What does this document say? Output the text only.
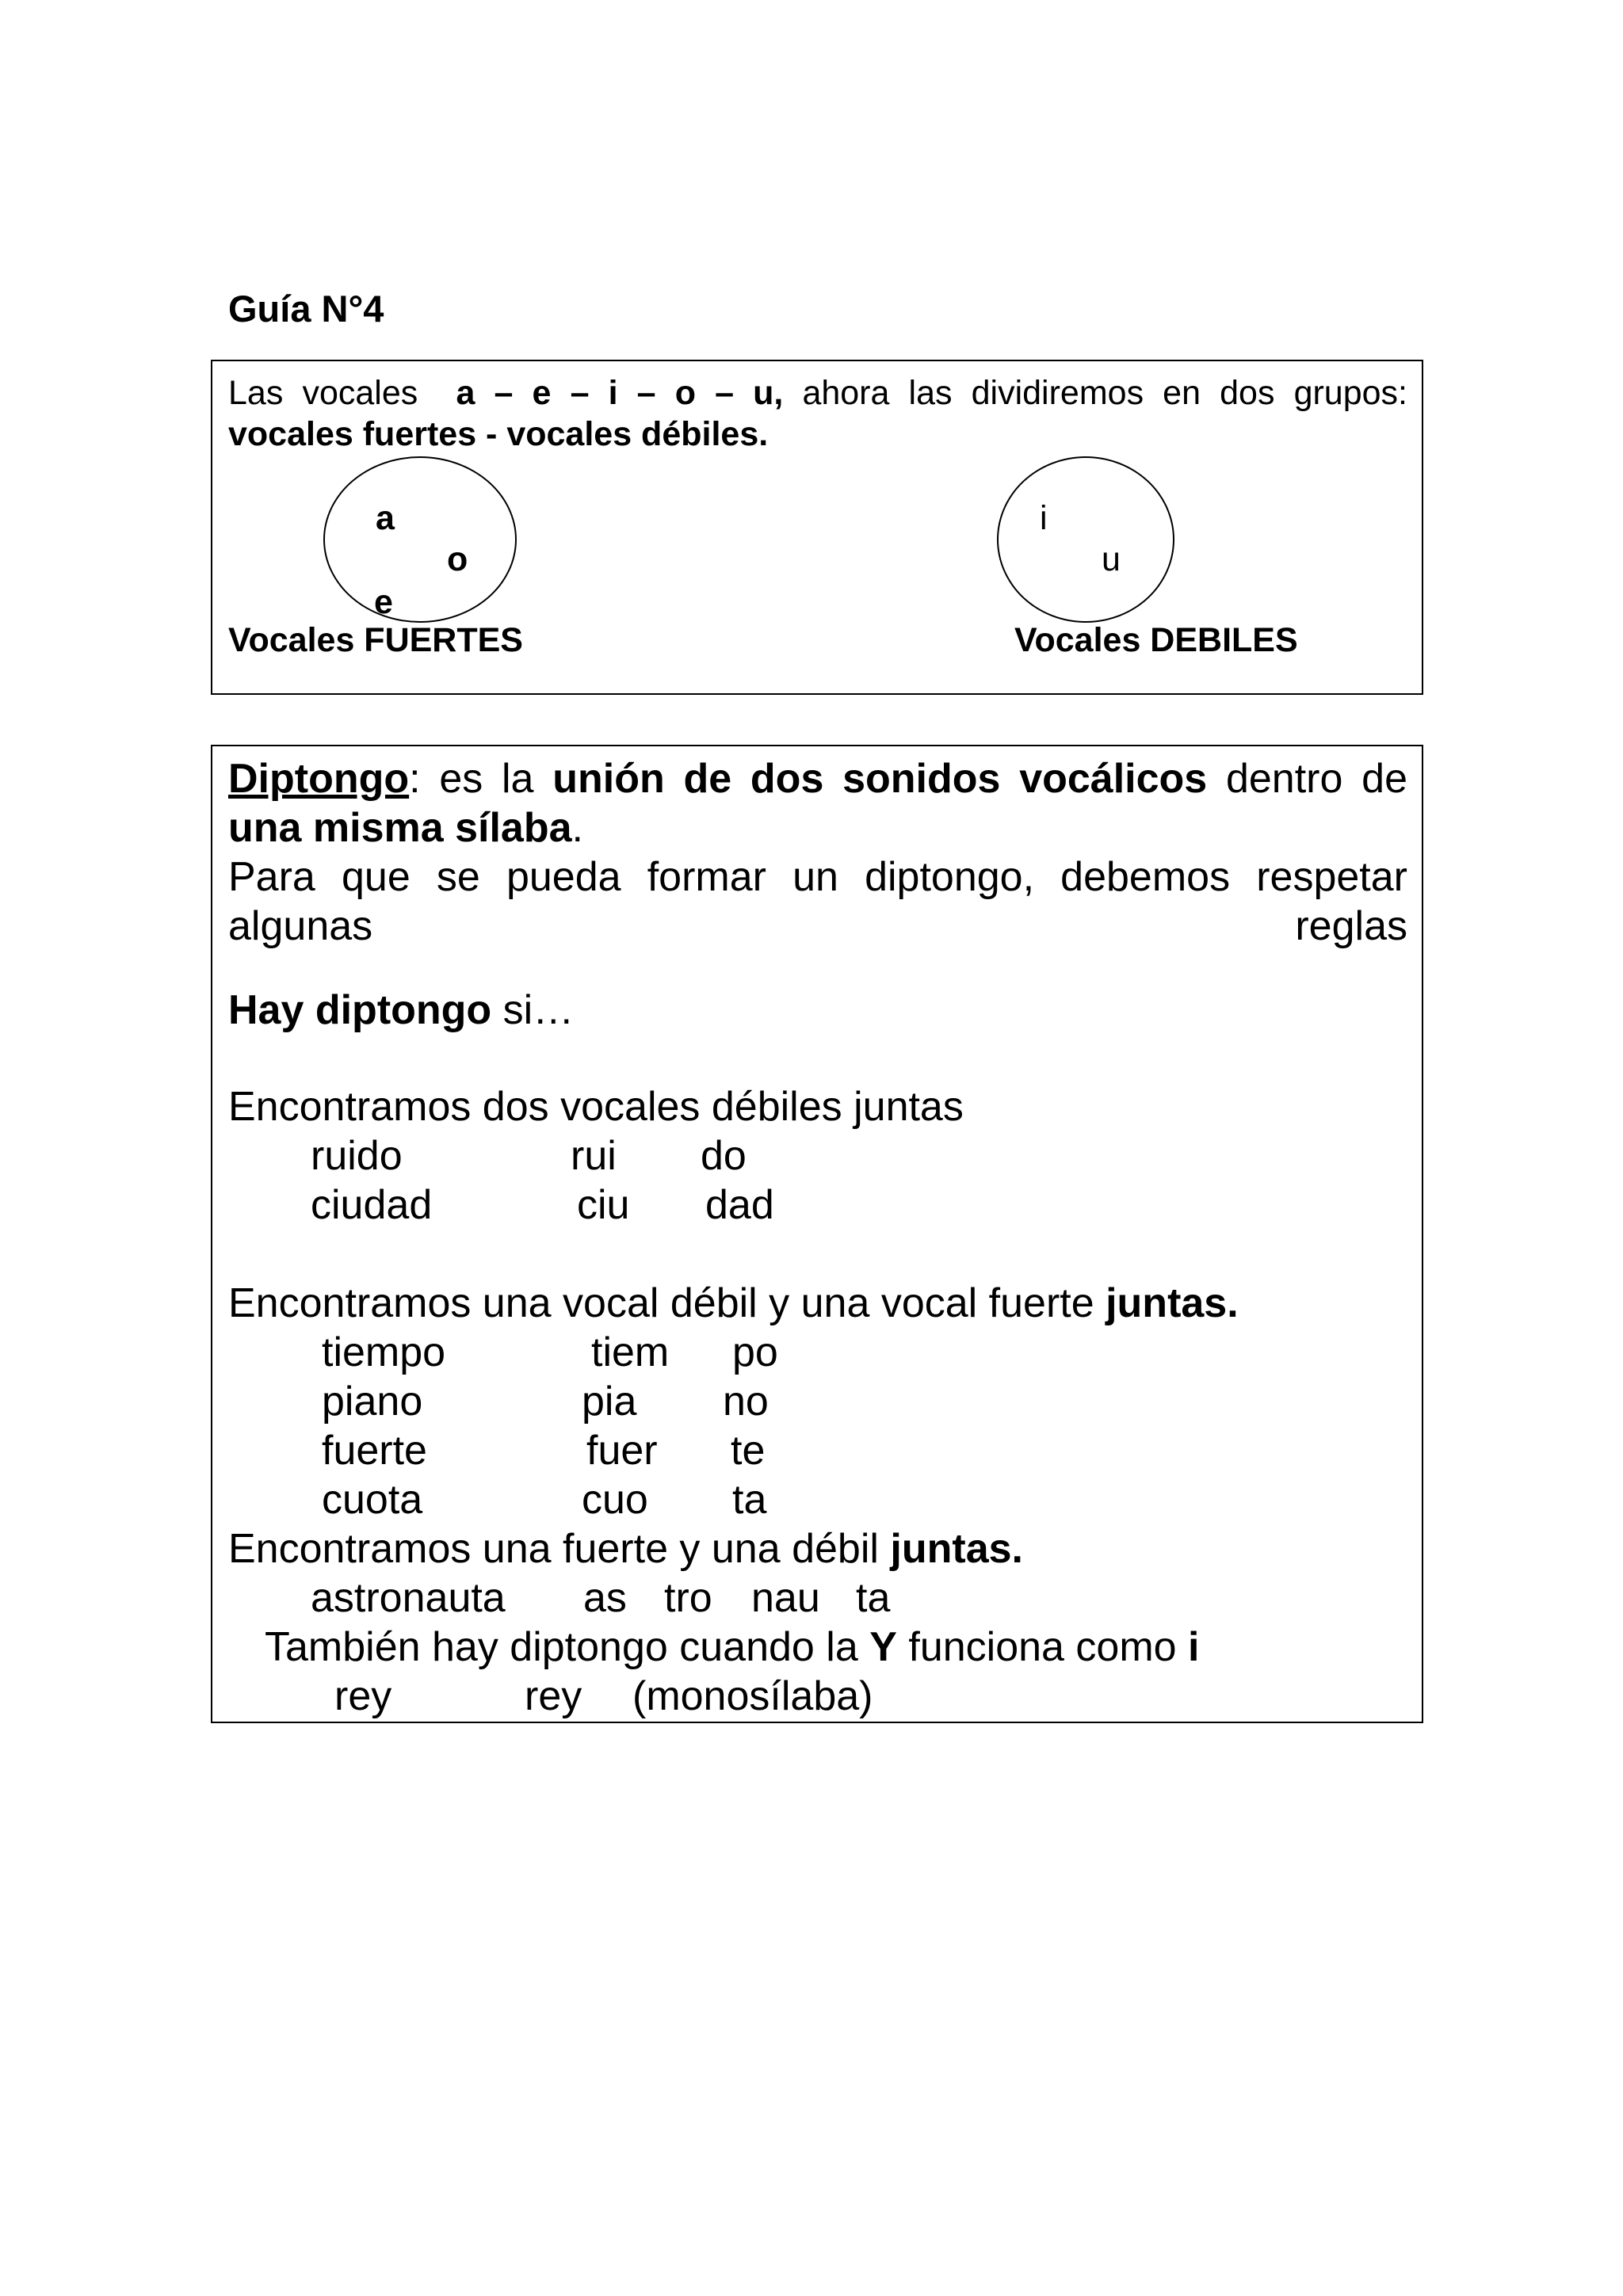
Guía N°4
Las vocales a – e – i – o – u, ahora las dividiremos en dos grupos:
vocales fuertes - vocales débiles.
a
o
e
Vocales FUERTES
i
u
Vocales DEBILES
Diptongo: es la unión de dos sonidos vocálicos dentro de
una misma sílaba.
Para que se pueda formar un diptongo, debemos respetar algunas reglas
Hay diptongo si…
Encontramos dos vocales débiles juntas
ruido	rui do
ciudad	ciu dad
Encontramos una vocal débil y una vocal fuerte juntas.
tiempo	tiem po
piano	pia no
fuerte	fuer te
cuota	cuo ta
Encontramos una fuerte y una débil juntas.
astronauta as tro nau ta
También hay diptongo cuando la Y funciona como i
rey	rey (monosílaba)
